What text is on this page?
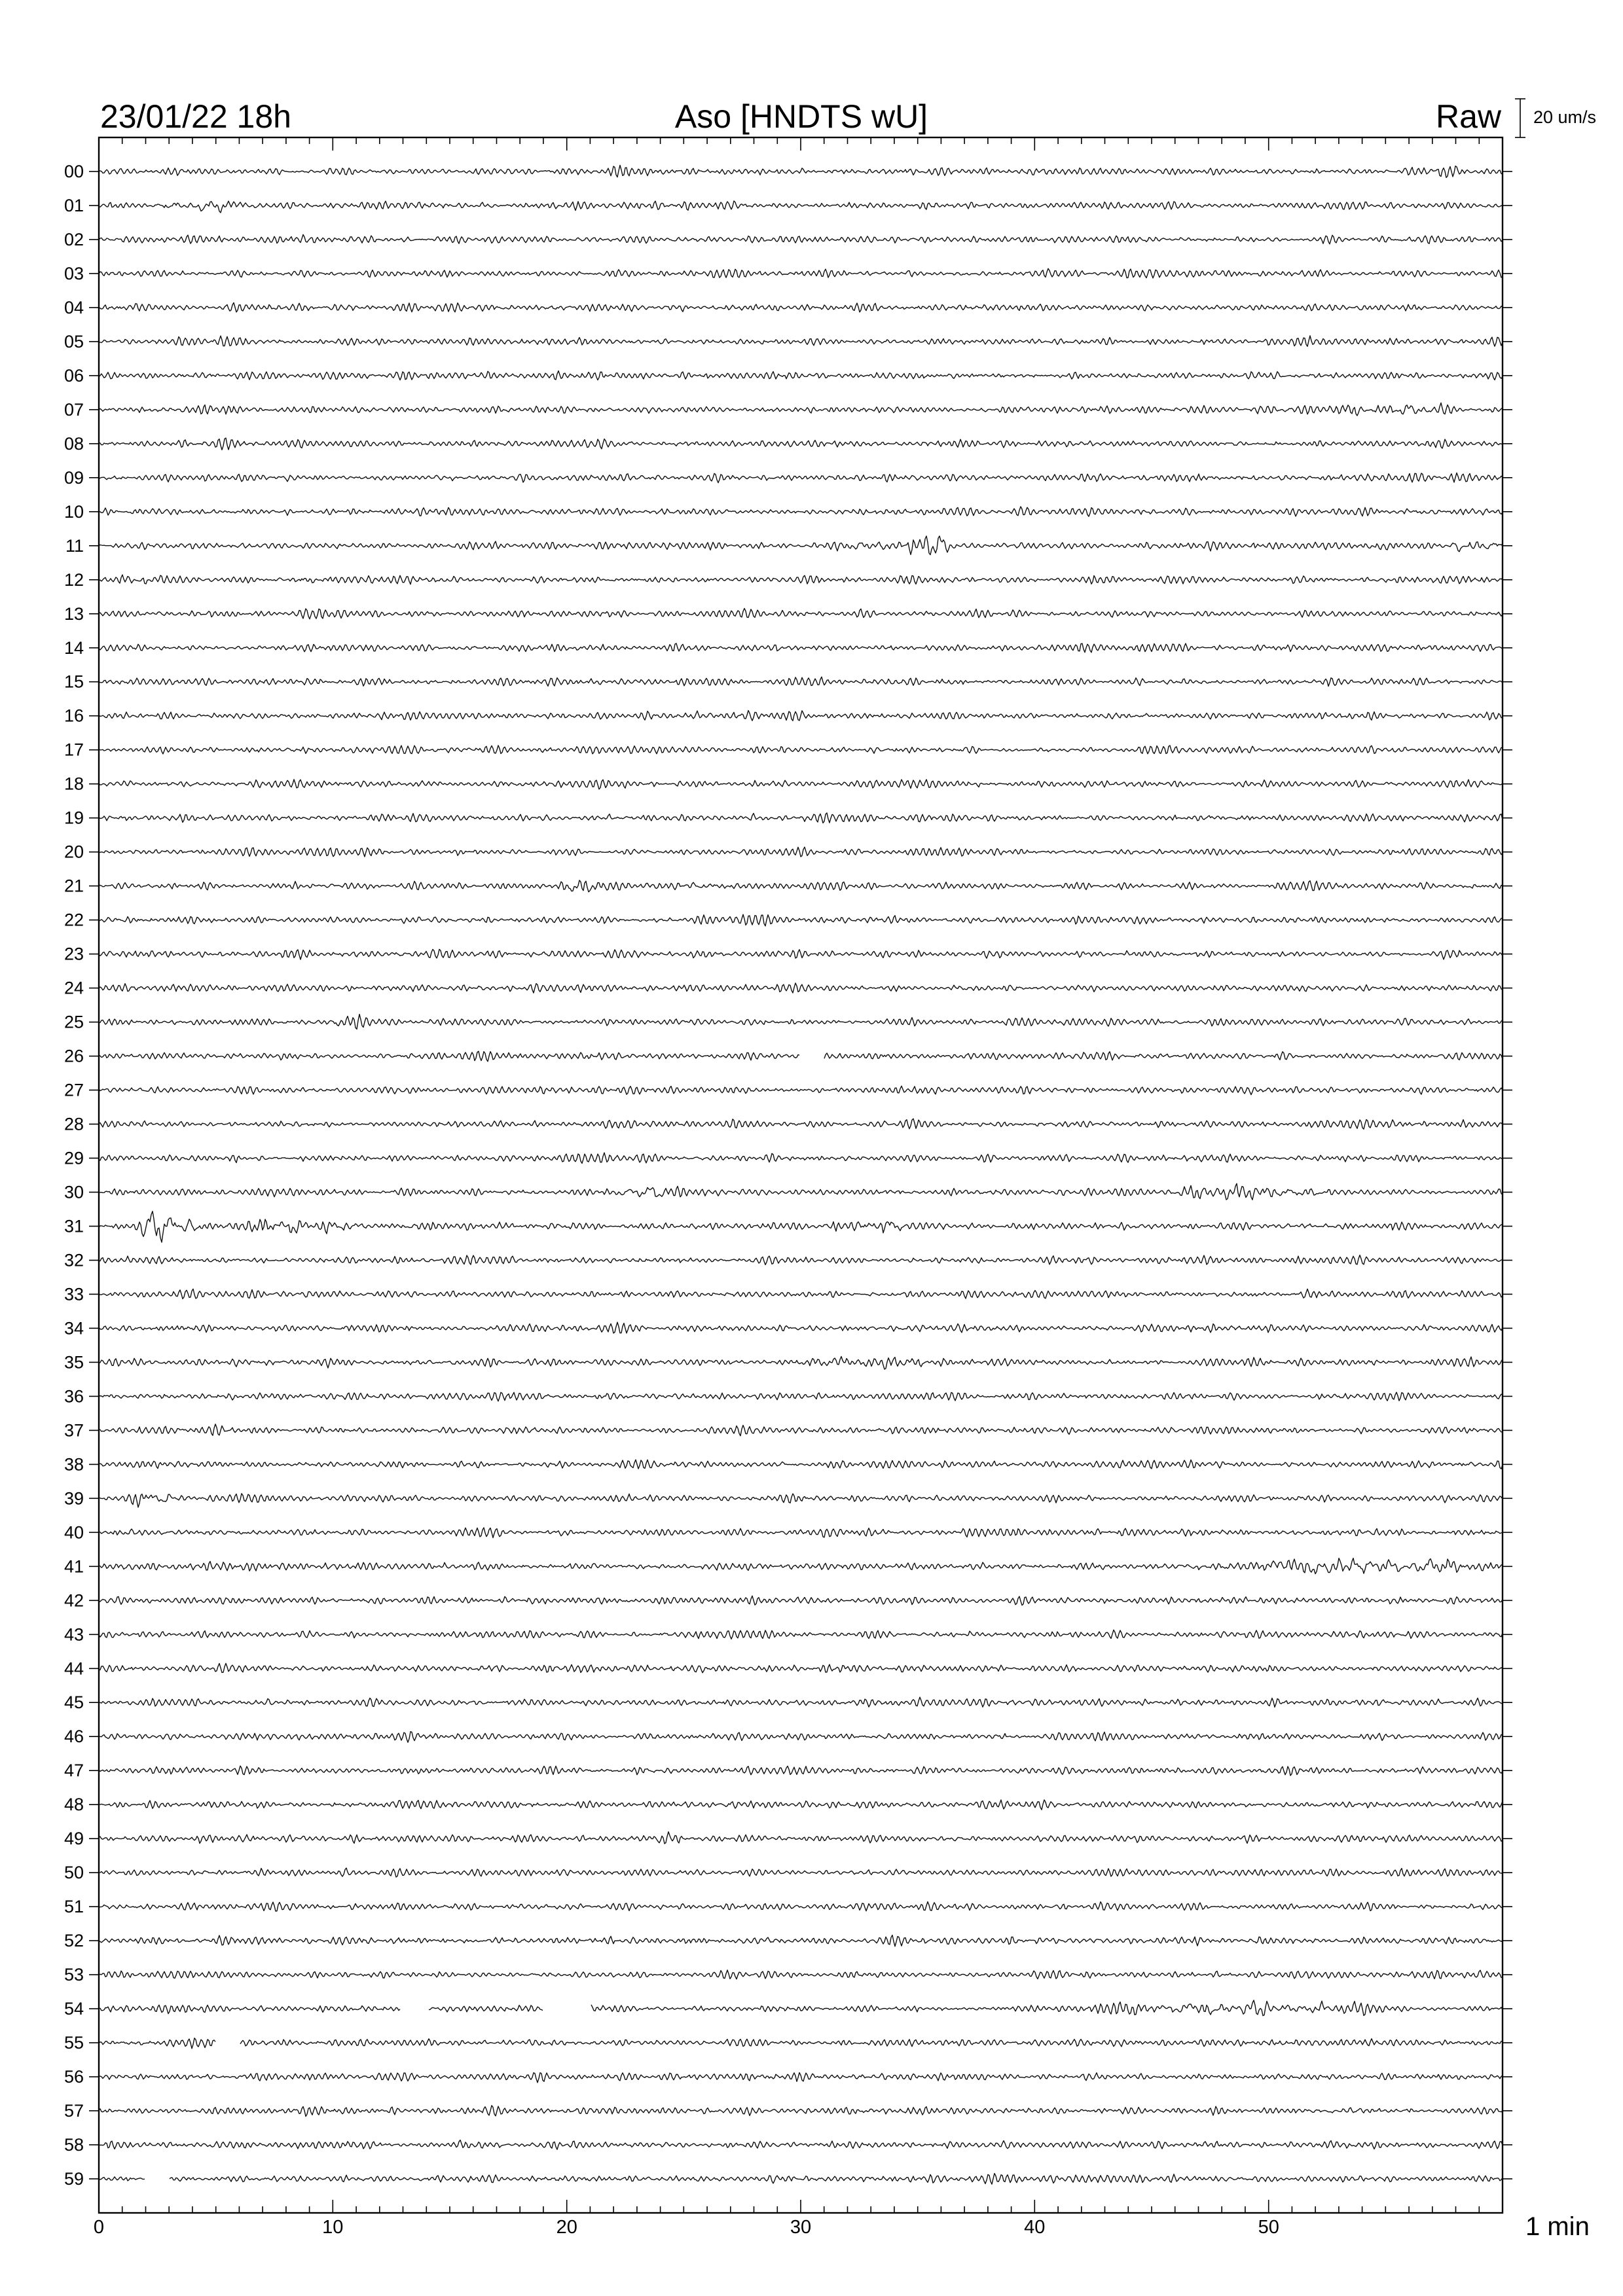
23/01/22 18h	Aso [HNDTS wU]	Raw 20 um/s
00
01
02
03
04
05
06
07
08
09
10
11
12
13
14
15
16
17
18
19
20
21
22
23
24
25
26
27
28
29
30
31
32
33
34
35
36
37
38
39
40
41
42
43
44
45
46
47
48
49
50
51
52
53
54
55
56
57
58
59
0	10	20	30	40	50	1 min
